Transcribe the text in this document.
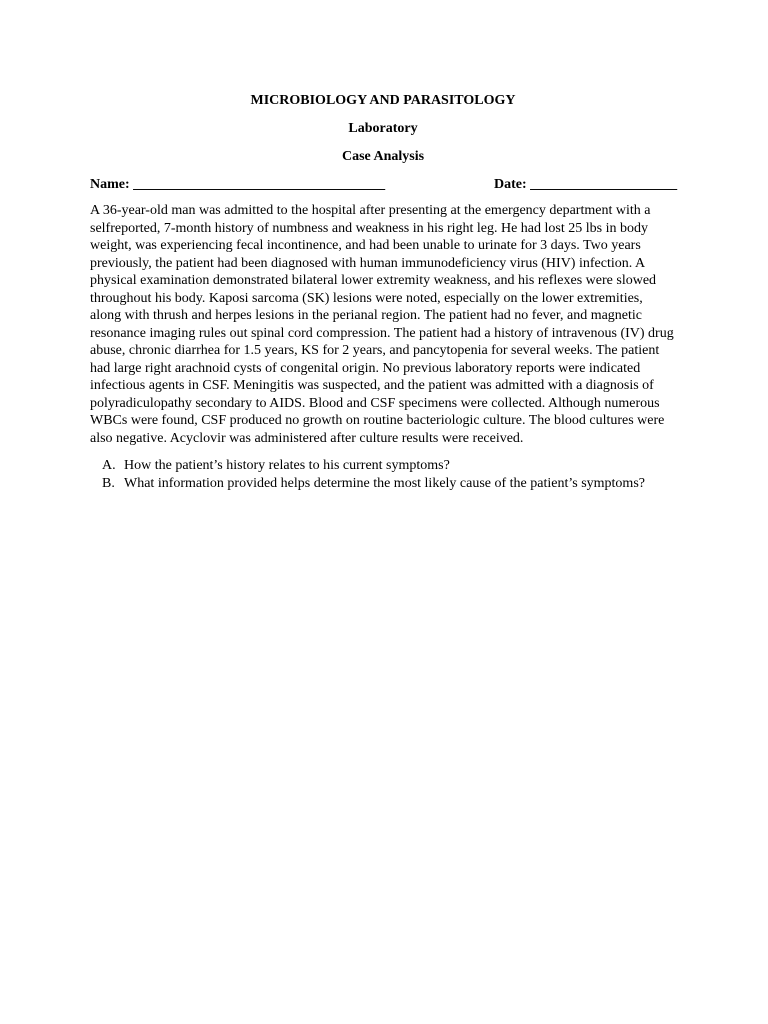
MICROBIOLOGY AND PARASITOLOGY

Laboratory

Case Analysis

Name: ____________________________________	Date: _____________________

A 36-year-old man was admitted to the hospital after presenting at the emergency department with a selfreported, 7-month history of numbness and weakness in his right leg. He had lost 25 lbs in body weight, was experiencing fecal incontinence, and had been unable to urinate for 3 days. Two years previously, the patient had been diagnosed with human immunodeficiency virus (HIV) infection. A physical examination demonstrated bilateral lower extremity weakness, and his reflexes were slowed throughout his body. Kaposi sarcoma (SK) lesions were noted, especially on the lower extremities, along with thrush and herpes lesions in the perianal region. The patient had no fever, and magnetic resonance imaging rules out spinal cord compression. The patient had a history of intravenous (IV) drug abuse, chronic diarrhea for 1.5 years, KS for 2 years, and pancytopenia for several weeks. The patient had large right arachnoid cysts of congenital origin. No previous laboratory reports were indicated infectious agents in CSF. Meningitis was suspected, and the patient was admitted with a diagnosis of polyradiculopathy secondary to AIDS. Blood and CSF specimens were collected. Although numerous WBCs were found, CSF produced no growth on routine bacteriologic culture. The blood cultures were also negative. Acyclovir was administered after culture results were received.

A. How the patient’s history relates to his current symptoms?
B. What information provided helps determine the most likely cause of the patient’s symptoms?
